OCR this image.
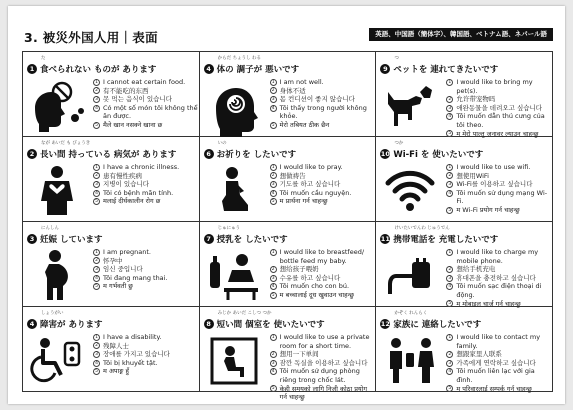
3. 被災外国人用｜表面	英語、中国語（簡体字）、韓国語、ベトナム語、ネパール語
た
1 食べられない ものが あります
1 I cannot eat certain food.
2 有不能吃的东西
3 못 먹는 음식이 있습니다
4 Có một số món tôi không thể ăn được.
5 मैले खान नसक्ने खाना छ
からだ ちょうし わる
4 体の 調子が 悪いです
1 I am not well.
2 身体不适
3 몸 컨디션이 좋지 않습니다
4 Tôi thấy trong người không khỏe.
5 मेरो तबियत ठीक छैन
つ
9 ペットを 連れてきたいです
1 I would like to bring my pet(s).
2 允许带宠物吗
3 애완동물을 데려오고 싶습니다
4 Tôi muốn dẫn thú cưng của tôi theo.
5 म मेरो पाल्तु जनावर ल्याउन चाहन्छु
なが あいだ も びょうき
2 長い間 持っている 病気が あります
1 I have a chronic illness.
2 患有慢性疾病
3 지병이 있습니다
4 Tôi có bệnh mãn tính.
5 मलाई दीर्घकालीन रोग छ
いの
6 お祈りを したいです
1 I would like to pray.
2 想做祷告
3 기도를 하고 싶습니다
4 Tôi muốn cầu nguyện.
5 म प्रार्थना गर्न चाहन्छु
つか
10 Wi-Fi を 使いたいです
1 I would like to use wifi.
2 想使用WiFi
3 Wi-Fi를 이용하고 싶습니다
4 Tôi muốn sử dụng mạng Wi-Fi.
5 म Wi-Fi प्रयोग गर्न चाहन्छु
にんしん
3 妊娠 しています
1 I am pregnant.
2 怀孕中
3 임신 중입니다
4 Tôi đang mang thai.
5 म गर्भवती छु
じゅにゅう
7 授乳を したいです
1 I would like to breastfeed/ bottle feed my baby.
2 想给孩子喂奶
3 수유를 하고 싶습니다
4 Tôi muốn cho con bú.
5 म बच्चालाई दूध खुवाउन चाहन्छु
けいたいでんわ じゅうでん
11 携帯電話を 充電したいです
1 I would like to charge my mobile phone.
2 想给手机充电
3 휴대폰을 충전하고 싶습니다
4 Tôi muốn sạc điện thoại di động.
5 म मोबाइल चार्ज गर्न चाहन्छु
しょうがい
4 障害が あります
1 I have a disability.
2 残障人士
3 장애를 가지고 있습니다
4 Tôi bị khuyết tật.
5 म अपाङ्ग हुँ
みじか あいだ こしつ つか
8 短い間 個室を 使いたいです
1 I would like to use a private room for a short time.
2 想用一下单间
3 잠깐 독실을 이용하고 싶습니다
4 Tôi muốn sử dụng phòng riêng trong chốc lát.
5 केही समयको लागि निजी कोठा प्रयोग गर्न चाहन्छु
かぞく れんらく
12 家族に 連絡したいです
1 I would like to contact my family.
2 想跟家里人联系
3 가족에게 연락하고 싶습니다
4 Tôi muốn liên lạc với gia đình.
5 म परिवारलाई सम्पर्क गर्न चाहन्छु
